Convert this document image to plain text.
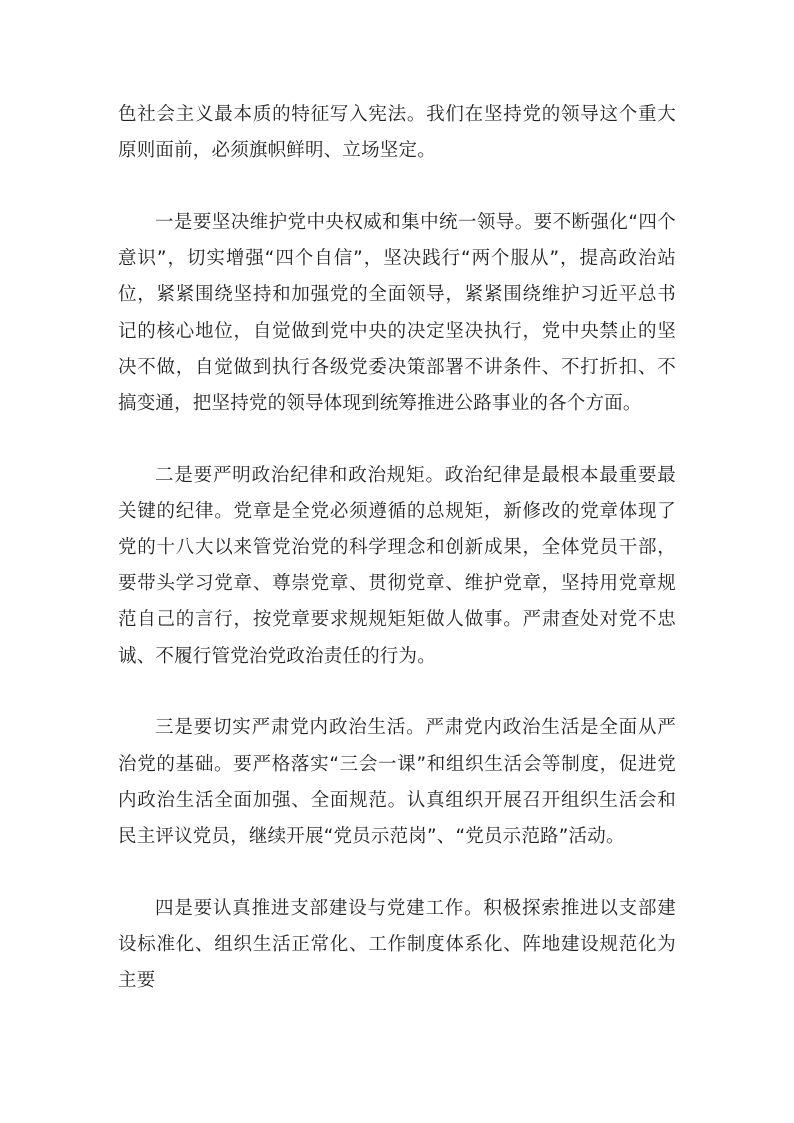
色社会主义最本质的特征写入宪法。我们在坚持党的领导这个重大原则面前，必须旗帜鲜明、立场坚定。

一是要坚决维护党中央权威和集中统一领导。要不断强化“四个意识”，切实增强“四个自信”，坚决践行“两个服从”，提高政治站位，紧紧围绕坚持和加强党的全面领导，紧紧围绕维护习近平总书记的核心地位，自觉做到党中央的决定坚决执行，党中央禁止的坚决不做，自觉做到执行各级党委决策部署不讲条件、不打折扣、不搞变通，把坚持党的领导体现到统筹推进公路事业的各个方面。

二是要严明政治纪律和政治规矩。政治纪律是最根本最重要最关键的纪律。党章是全党必须遵循的总规矩，新修改的党章体现了党的十八大以来管党治党的科学理念和创新成果，全体党员干部，要带头学习党章、尊崇党章、贯彻党章、维护党章，坚持用党章规范自己的言行，按党章要求规规矩矩做人做事。严肃查处对党不忠诚、不履行管党治党政治责任的行为。

三是要切实严肃党内政治生活。严肃党内政治生活是全面从严治党的基础。要严格落实“三会一课”和组织生活会等制度，促进党内政治生活全面加强、全面规范。认真组织开展召开组织生活会和民主评议党员，继续开展“党员示范岗”、“党员示范路”活动。

四是要认真推进支部建设与党建工作。积极探索推进以支部建设标准化、组织生活正常化、工作制度体系化、阵地建设规范化为主要
